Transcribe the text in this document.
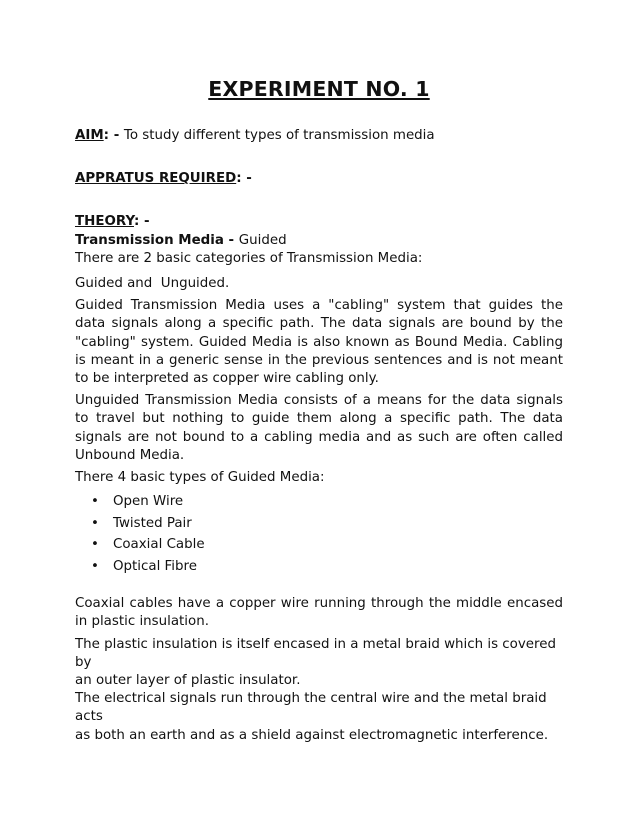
EXPERIMENT NO. 1

AIM: - To study different types of transmission media

APPRATUS REQUIRED: -

THEORY: -

Transmission Media - Guided

There are 2 basic categories of Transmission Media:

Guided and  Unguided.

Guided Transmission Media uses a "cabling" system that guides the data signals along a specific path. The data signals are bound by the "cabling" system. Guided Media is also known as Bound Media. Cabling is meant in a generic sense in the previous sentences and is not meant to be interpreted as copper wire cabling only.

Unguided Transmission Media consists of a means for the data signals to travel but nothing to guide them along a specific path. The data signals are not bound to a cabling media and as such are often called Unbound Media.

There 4 basic types of Guided Media:

• Open Wire
• Twisted Pair
• Coaxial Cable
• Optical Fibre

Coaxial cables have a copper wire running through the middle encased in plastic insulation.

The plastic insulation is itself encased in a metal braid which is covered by
an outer layer of plastic insulator.

The electrical signals run through the central wire and the metal braid acts
as both an earth and as a shield against electromagnetic interference.
